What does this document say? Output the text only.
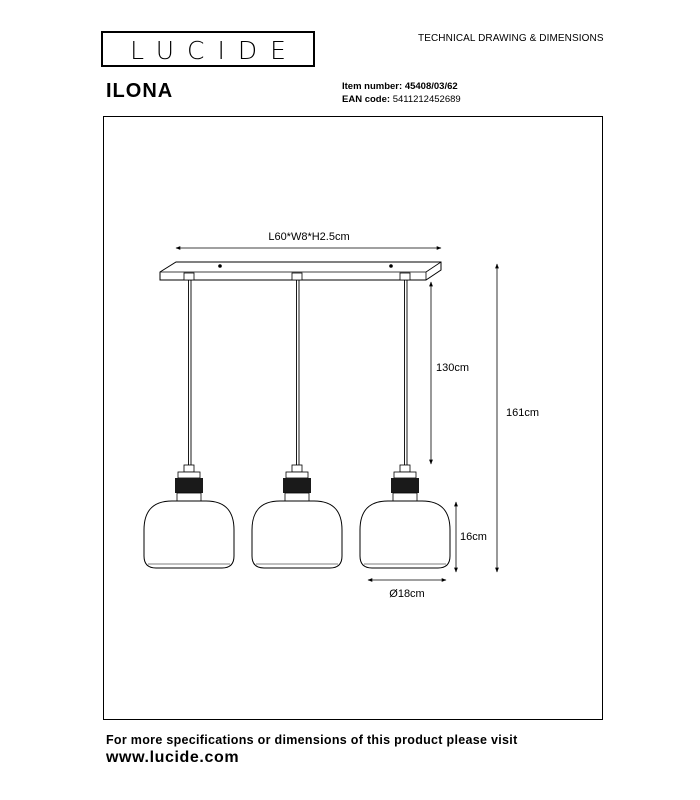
LUCIDE	TECHNICAL DRAWING & DIMENSIONS
ILONA	Item number: 45408/03/62
EAN code: 5411212452689
L60*W8*H2.5cm
130cm
161cm
16cm
Ø18cm
For more specifications or dimensions of this product please visit
www.lucide.com
